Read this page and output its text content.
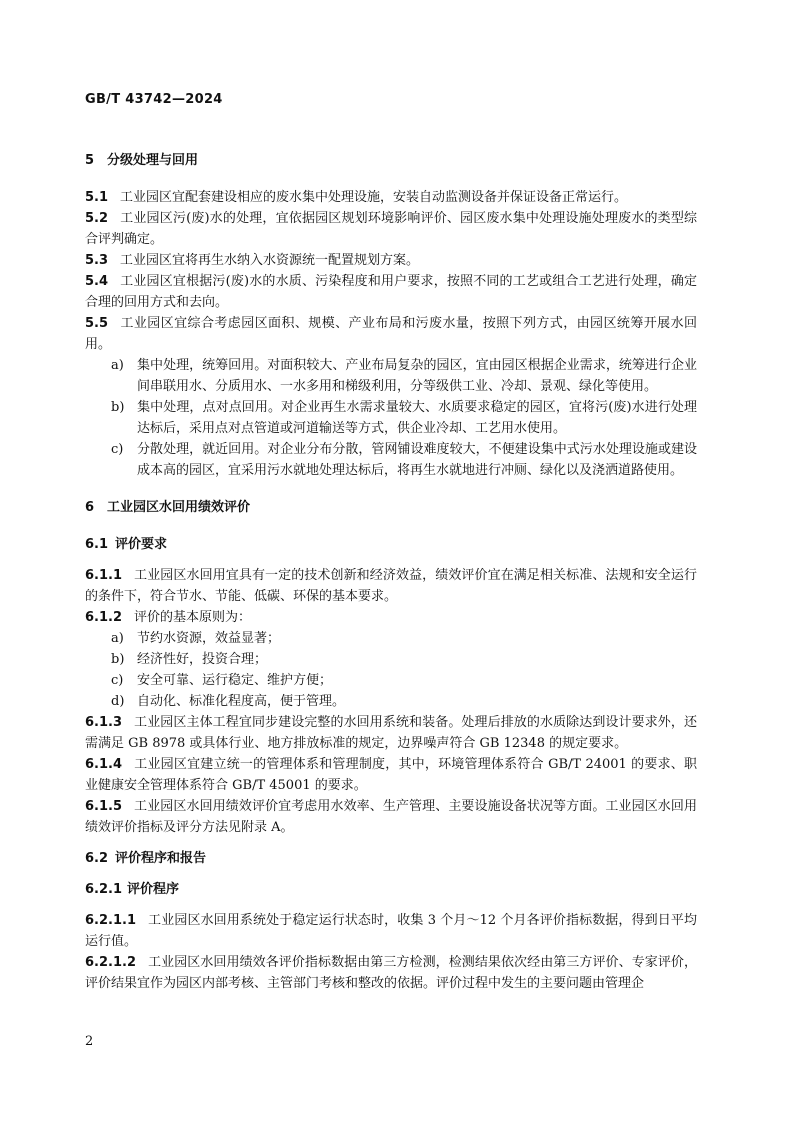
GB/T 43742—2024

5 分级处理与回用

5.1 工业园区宜配套建设相应的废水集中处理设施，安装自动监测设备并保证设备正常运行。

5.2 工业园区污(废)水的处理，宜依据园区规划环境影响评价、园区废水集中处理设施处理废水的类型综合评判确定。

5.3 工业园区宜将再生水纳入水资源统一配置规划方案。

5.4 工业园区宜根据污(废)水的水质、污染程度和用户要求，按照不同的工艺或组合工艺进行处理，确定合理的回用方式和去向。

5.5 工业园区宜综合考虑园区面积、规模、产业布局和污废水量，按照下列方式，由园区统筹开展水回用。

a) 集中处理，统筹回用。对面积较大、产业布局复杂的园区，宜由园区根据企业需求，统筹进行企业间串联用水、分质用水、一水多用和梯级利用，分等级供工业、冷却、景观、绿化等使用。

b) 集中处理，点对点回用。对企业再生水需求量较大、水质要求稳定的园区，宜将污(废)水进行处理达标后，采用点对点管道或河道输送等方式，供企业冷却、工艺用水使用。

c) 分散处理，就近回用。对企业分布分散，管网铺设难度较大，不便建设集中式污水处理设施或建设成本高的园区，宜采用污水就地处理达标后，将再生水就地进行冲厕、绿化以及浇洒道路使用。

6 工业园区水回用绩效评价

6.1 评价要求

6.1.1 工业园区水回用宜具有一定的技术创新和经济效益，绩效评价宜在满足相关标准、法规和安全运行的条件下，符合节水、节能、低碳、环保的基本要求。

6.1.2 评价的基本原则为：

a) 节约水资源，效益显著；

b) 经济性好，投资合理；

c) 安全可靠、运行稳定、维护方便；

d) 自动化、标准化程度高，便于管理。

6.1.3 工业园区主体工程宜同步建设完整的水回用系统和装备。处理后排放的水质除达到设计要求外，还需满足 GB 8978 或具体行业、地方排放标准的规定，边界噪声符合 GB 12348 的规定要求。

6.1.4 工业园区宜建立统一的管理体系和管理制度，其中，环境管理体系符合 GB/T 24001 的要求、职业健康安全管理体系符合 GB/T 45001 的要求。

6.1.5 工业园区水回用绩效评价宜考虑用水效率、生产管理、主要设施设备状况等方面。工业园区水回用绩效评价指标及评分方法见附录 A。

6.2 评价程序和报告

6.2.1 评价程序

6.2.1.1 工业园区水回用系统处于稳定运行状态时，收集 3 个月～12 个月各评价指标数据，得到日平均运行值。

6.2.1.2 工业园区水回用绩效各评价指标数据由第三方检测，检测结果依次经由第三方评价、专家评价，评价结果宜作为园区内部考核、主管部门考核和整改的依据。评价过程中发生的主要问题由管理企

2
